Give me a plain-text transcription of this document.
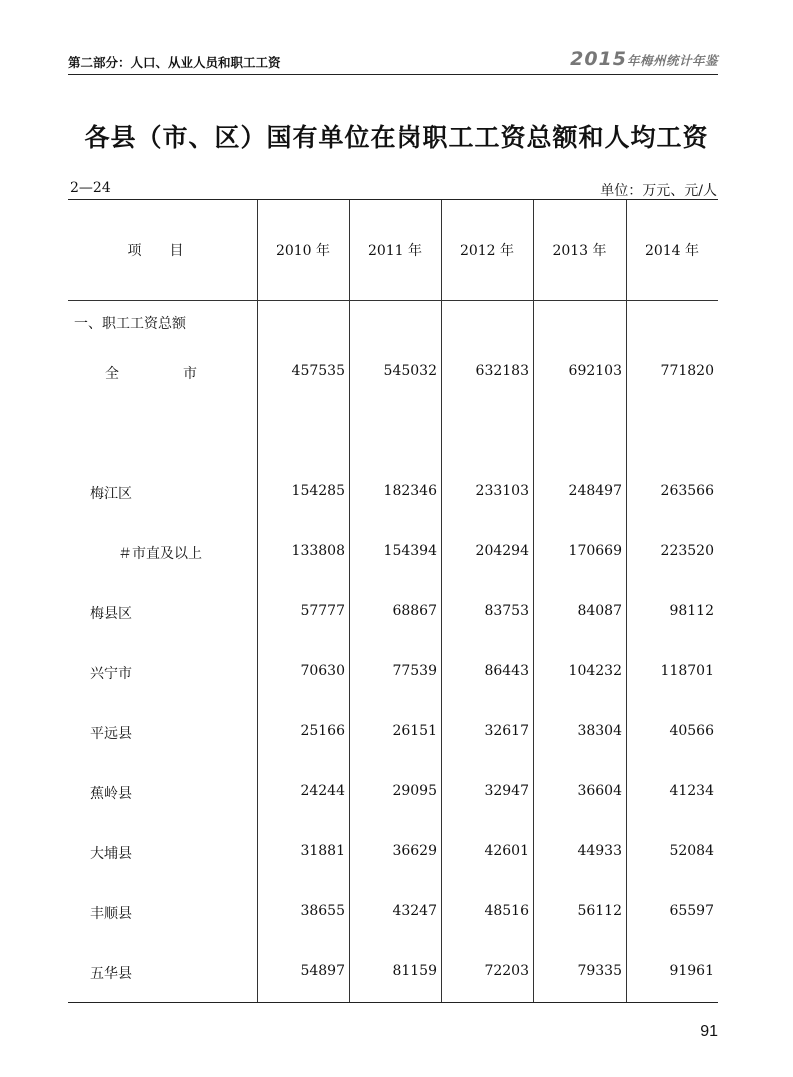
第二部分：人口、从业人员和职工工资	2015年梅州统计年鉴
各县（市、区）国有单位在岗职工工资总额和人均工资
2—24	单位：万元、元/人
项目	2010 年	2011 年	2012 年	2013 年	2014 年
一、职工工资总额
全市	457535	545032	632183	692103	771820
梅江区	154285	182346	233103	248497	263566
＃市直及以上	133808	154394	204294	170669	223520
梅县区	57777	68867	83753	84087	98112
兴宁市	70630	77539	86443	104232	118701
平远县	25166	26151	32617	38304	40566
蕉岭县	24244	29095	32947	36604	41234
大埔县	31881	36629	42601	44933	52084
丰顺县	38655	43247	48516	56112	65597
五华县	54897	81159	72203	79335	91961
91
